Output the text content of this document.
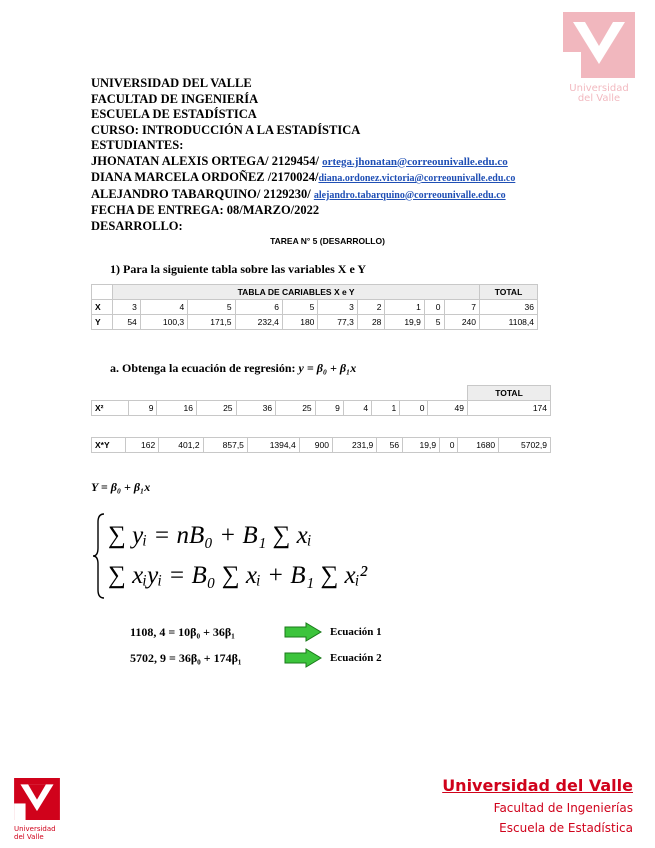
Universidad
del Valle
UNIVERSIDAD DEL VALLE
FACULTAD DE INGENIERÍA
ESCUELA DE ESTADÍSTICA
CURSO: INTRODUCCIÓN A LA ESTADÍSTICA
ESTUDIANTES:
JHONATAN ALEXIS ORTEGA/ 2129454/ ortega.jhonatan@correounivalle.edu.co
DIANA MARCELA ORDOÑEZ /2170024/diana.ordonez.victoria@correounivalle.edu.co
ALEJANDRO TABARQUINO/ 2129230/ alejandro.tabarquino@correounivalle.edu.co
FECHA DE ENTREGA: 08/MARZO/2022
DESARROLLO:
TAREA N° 5 (DESARROLLO)
1) Para la siguiente tabla sobre las variables X e Y
	TABLA DE CARIABLES X e Y										TOTAL
X	3	4	5	6	5	3	2	1	0	7	36
Y	54	100,3	171,5	232,4	180	77,3	28	19,9	5	240	1108,4
a. Obtenga la ecuación de regresión: y = β₀ + β₁x
											TOTAL
X²	9	16	25	36	25	9	4	1	0	49	174
X*Y	162	401,2	857,5	1394,4	900	231,9	56	19,9	0	1680	5702,9
Y = β₀ + β₁x
∑ yᵢ = nB₀ + B₁ ∑ xᵢ
∑ xᵢyᵢ = B₀ ∑ xᵢ + B₁ ∑ xᵢ²
1108, 4 = 10β₀ + 36β₁	Ecuación 1
5702, 9 = 36β₀ + 174β₁	Ecuación 2
Universidad
del Valle
Universidad del Valle
Facultad de Ingenierías
Escuela de Estadística
